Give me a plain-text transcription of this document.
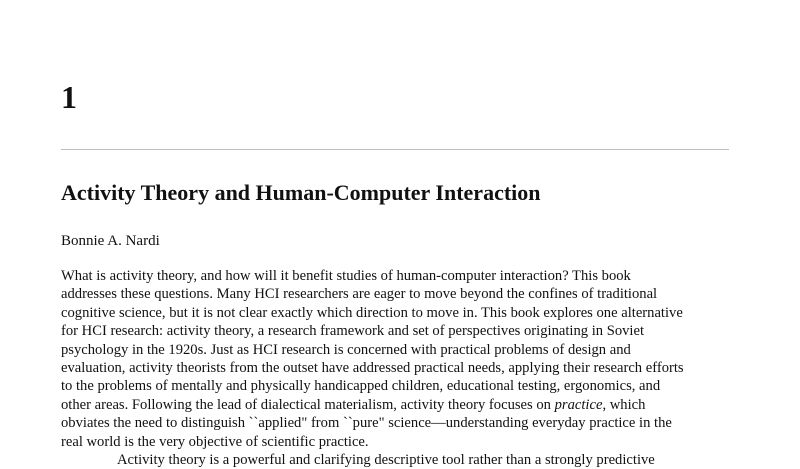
1
Activity Theory and Human-Computer Interaction
Bonnie A. Nardi
What is activity theory, and how will it benefit studies of human-computer interaction? This book
addresses these questions. Many HCI researchers are eager to move beyond the confines of traditional
cognitive science, but it is not clear exactly which direction to move in. This book explores one alternative
for HCI research: activity theory, a research framework and set of perspectives originating in Soviet
psychology in the 1920s. Just as HCI research is concerned with practical problems of design and
evaluation, activity theorists from the outset have addressed practical needs, applying their research efforts
to the problems of mentally and physically handicapped children, educational testing, ergonomics, and
other areas. Following the lead of dialectical materialism, activity theory focuses on practice, which
obviates the need to distinguish ``applied" from ``pure" science—understanding everyday practice in the
real world is the very objective of scientific practice.
Activity theory is a powerful and clarifying descriptive tool rather than a strongly predictive
